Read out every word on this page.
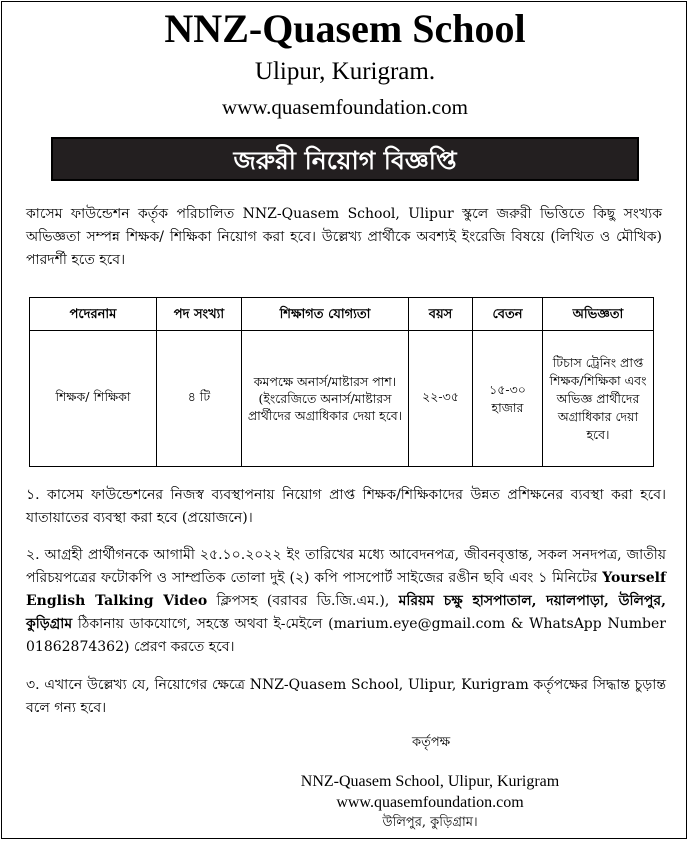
NNZ-Quasem School
Ulipur, Kurigram.
www.quasemfoundation.com
জরুরী নিয়োগ বিজ্ঞপ্তি
কাসেম ফাউন্ডেশন কর্তৃক পরিচালিত NNZ-Quasem School, Ulipur স্কুলে জরুরী ভিত্তিতে কিছু সংখ্যক অভিজ্ঞতা সম্পন্ন শিক্ষক/ শিক্ষিকা নিয়োগ করা হবে। উল্লেখ্য প্রার্থীকে অবশ্যই ইংরেজি বিষয়ে (লিখিত ও মৌখিক) পারদর্শী হতে হবে।
পদেরনাম	পদ সংখ্যা	শিক্ষাগত যোগ্যতা	বয়স	বেতন	অভিজ্ঞতা
শিক্ষক/ শিক্ষিকা	৪ টি	কমপক্ষে অনার্স/মাষ্টারস পাশ। (ইংরেজিতে অনার্স/মাষ্টারস প্রার্থীদের অগ্রাধিকার দেয়া হবে।	২২-৩৫	১৫-৩০ হাজার	টিচাস ট্রেনিং প্রাপ্ত শিক্ষক/শিক্ষিকা এবং অভিজ্ঞ প্রার্থীদের অগ্রাধিকার দেয়া হবে।
১. কাসেম ফাউন্ডেশনের নিজস্ব ব্যবস্থাপনায় নিয়োগ প্রাপ্ত শিক্ষক/শিক্ষিকাদের উন্নত প্রশিক্ষনের ব্যবস্থা করা হবে। যাতায়াতের ব্যবস্থা করা হবে (প্রয়োজনে)।
২. আগ্রহী প্রার্থীগনকে আগামী ২৫.১০.২০২২ ইং তারিখের মধ্যে আবেদনপত্র, জীবনবৃত্তান্ত, সকল সনদপত্র, জাতীয় পরিচয়পত্রের ফটোকপি ও সাম্প্রতিক তোলা দুই (২) কপি পাসপোর্ট সাইজের রঙীন ছবি এবং ১ মিনিটের Yourself English Talking Video ক্লিপসহ (বরাবর ডি.জি.এম.), মরিয়ম চক্ষু হাসপাতাল, দয়ালপাড়া, উলিপুর, কুড়িগ্রাম ঠিকানায় ডাকযোগে, সহস্তে অথবা ই-মেইলে (marium.eye@gmail.com & WhatsApp Number 01862874362) প্রেরণ করতে হবে।
৩. এখানে উল্লেখ্য যে, নিয়োগের ক্ষেত্রে NNZ-Quasem School, Ulipur, Kurigram কর্তৃপক্ষের সিদ্ধান্ত চুড়ান্ত বলে গন্য হবে।
কর্তৃপক্ষ
NNZ-Quasem School, Ulipur, Kurigram
www.quasemfoundation.com
উলিপুর, কুড়িগ্রাম।
